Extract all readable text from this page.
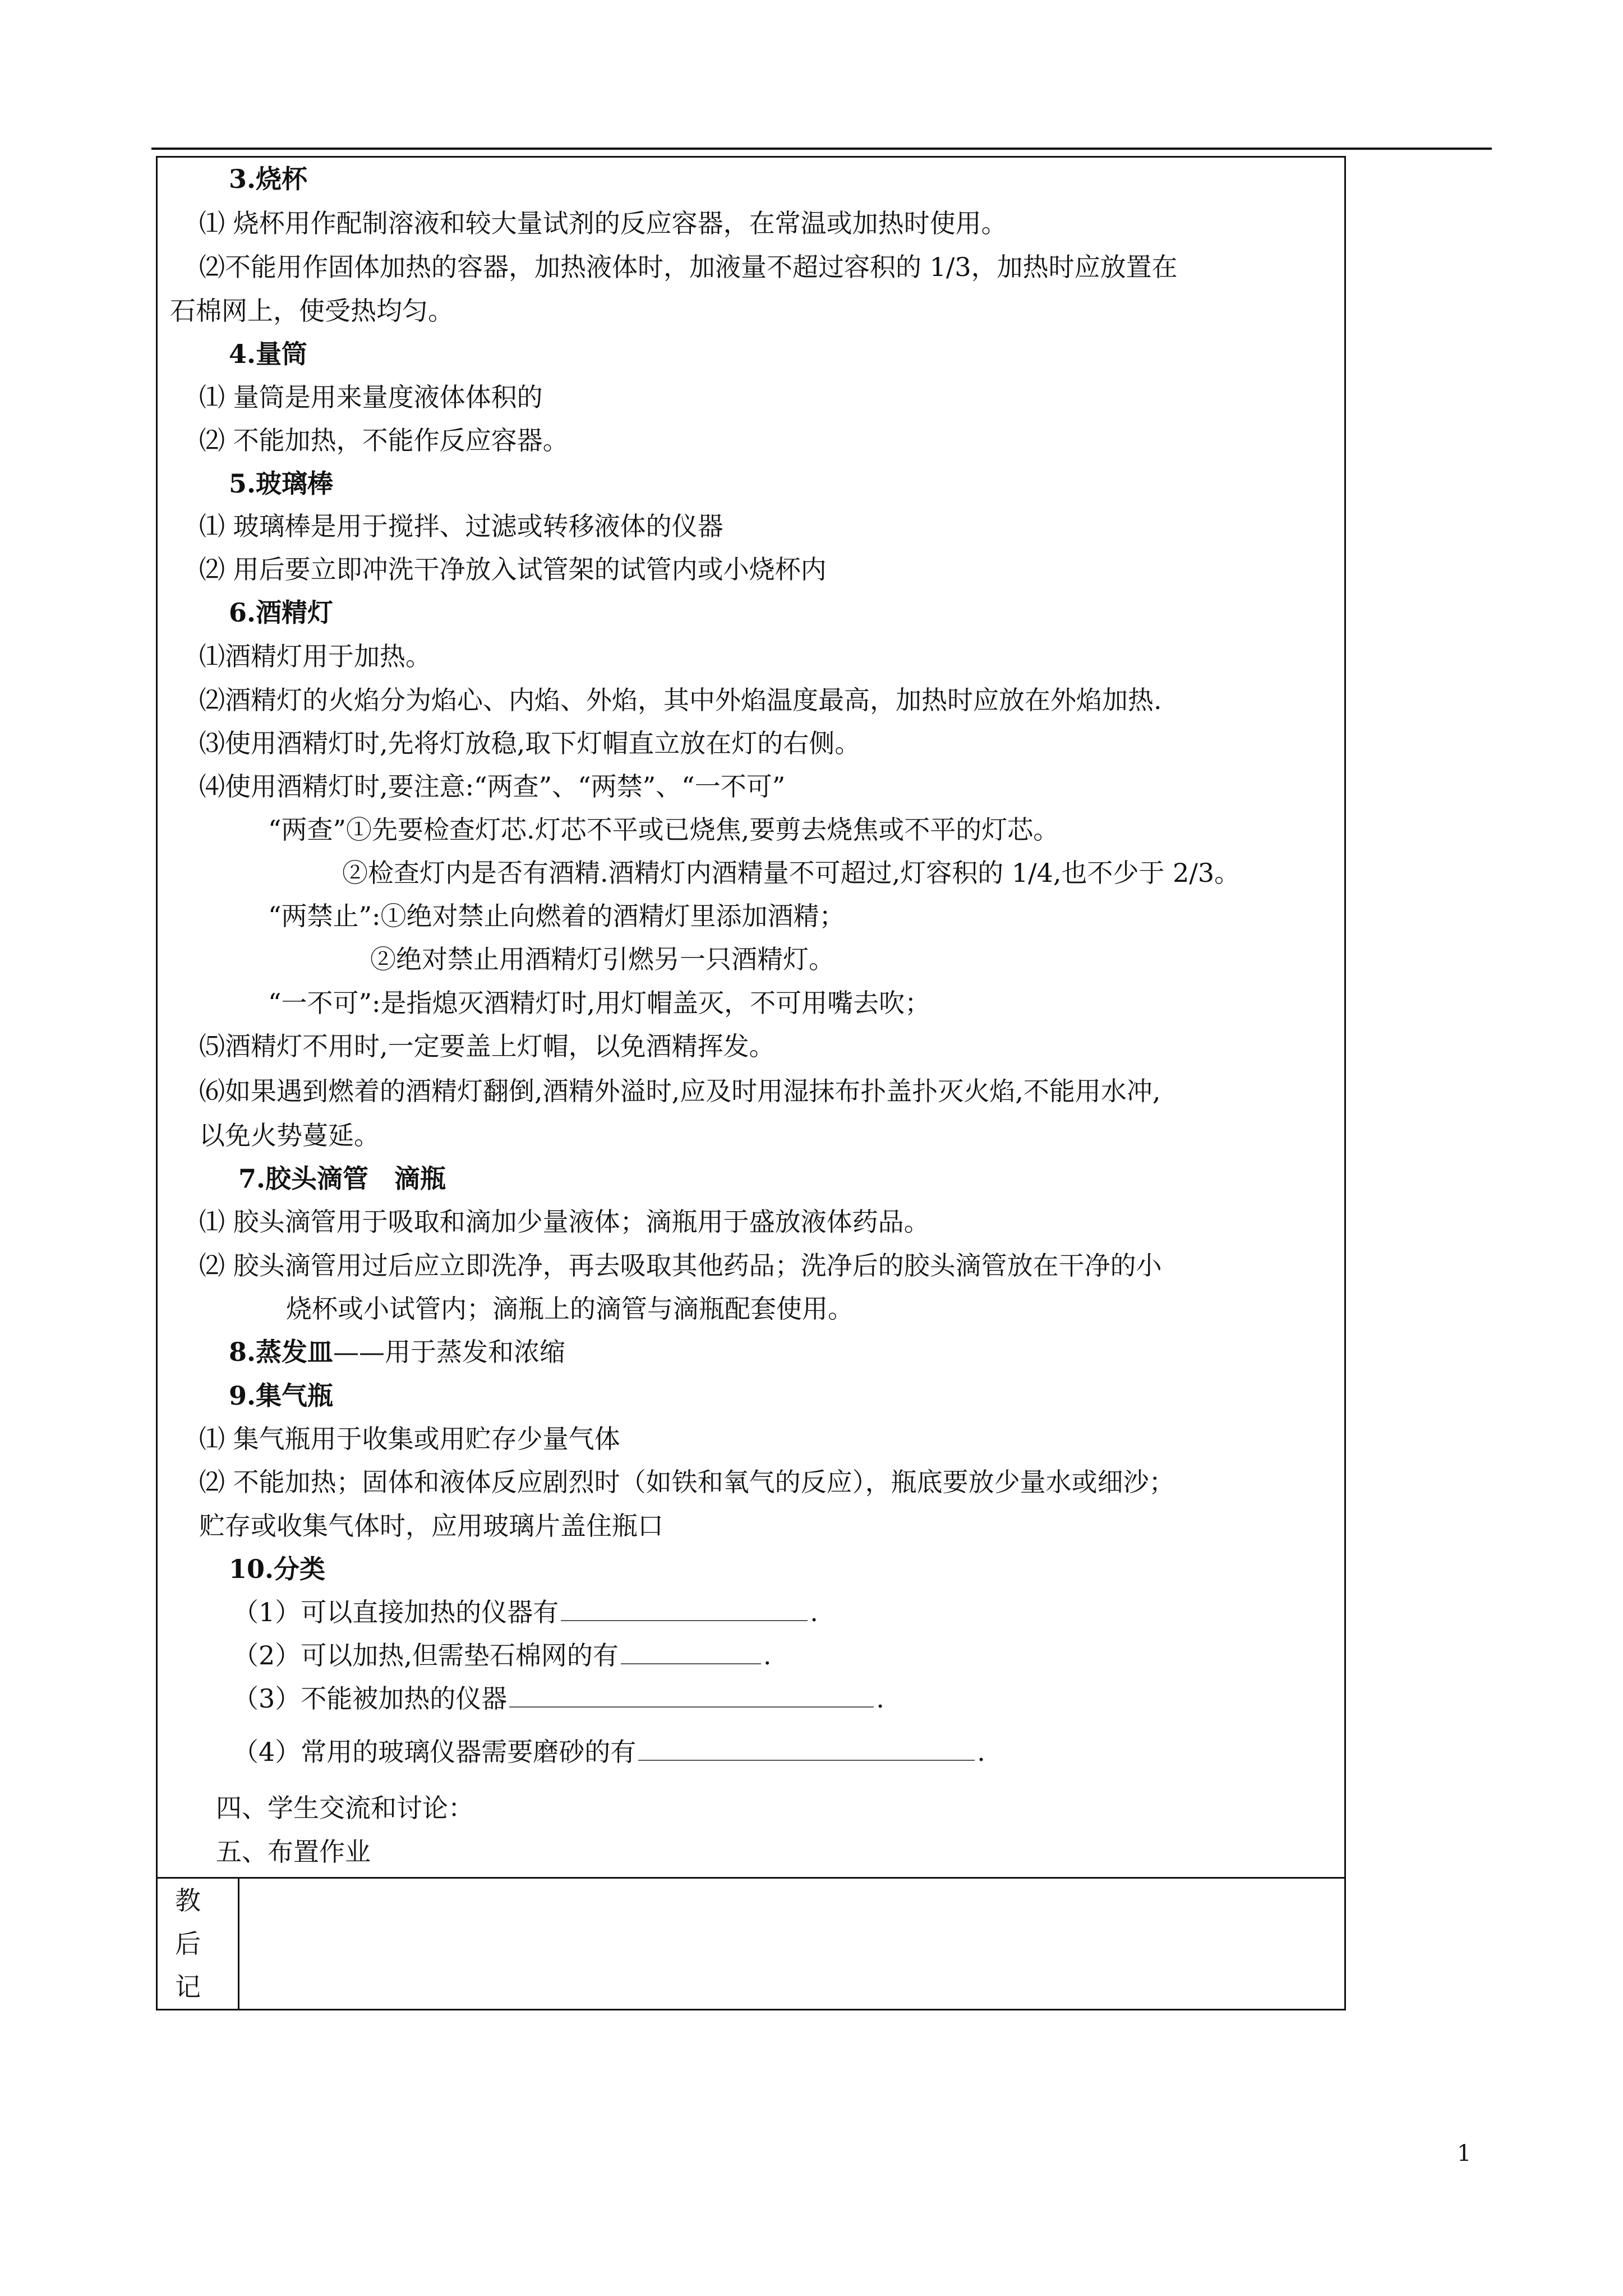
3.烧杯
⑴ 烧杯用作配制溶液和较大量试剂的反应容器，在常温或加热时使用。
⑵不能用作固体加热的容器，加热液体时，加液量不超过容积的 1/3，加热时应放置在
石棉网上，使受热均匀。
4.量筒
⑴ 量筒是用来量度液体体积的
⑵ 不能加热，不能作反应容器。
5.玻璃棒
⑴ 玻璃棒是用于搅拌、过滤或转移液体的仪器
⑵ 用后要立即冲洗干净放入试管架的试管内或小烧杯内
6.酒精灯
⑴酒精灯用于加热。
⑵酒精灯的火焰分为焰心、内焰、外焰，其中外焰温度最高，加热时应放在外焰加热.
⑶使用酒精灯时,先将灯放稳,取下灯帽直立放在灯的右侧。
⑷使用酒精灯时,要注意:“两查”、“两禁”、“一不可”
“两查”①先要检查灯芯.灯芯不平或已烧焦,要剪去烧焦或不平的灯芯。
②检查灯内是否有酒精.酒精灯内酒精量不可超过,灯容积的 1/4,也不少于 2/3。
“两禁止”:①绝对禁止向燃着的酒精灯里添加酒精；
②绝对禁止用酒精灯引燃另一只酒精灯。
“一不可”:是指熄灭酒精灯时,用灯帽盖灭，不可用嘴去吹；
⑸酒精灯不用时,一定要盖上灯帽，以免酒精挥发。
⑹如果遇到燃着的酒精灯翻倒,酒精外溢时,应及时用湿抹布扑盖扑灭火焰,不能用水冲,
以免火势蔓延。
7.胶头滴管　滴瓶
⑴ 胶头滴管用于吸取和滴加少量液体；滴瓶用于盛放液体药品。
⑵ 胶头滴管用过后应立即洗净，再去吸取其他药品；洗净后的胶头滴管放在干净的小
烧杯或小试管内；滴瓶上的滴管与滴瓶配套使用。
8.蒸发皿——用于蒸发和浓缩
9.集气瓶
⑴ 集气瓶用于收集或用贮存少量气体
⑵ 不能加热；固体和液体反应剧烈时（如铁和氧气的反应），瓶底要放少量水或细沙；
贮存或收集气体时，应用玻璃片盖住瓶口
10.分类
（1）可以直接加热的仪器有	.
（2）可以加热,但需垫石棉网的有	.
（3）不能被加热的仪器	.
（4）常用的玻璃仪器需要磨砂的有	.
四、学生交流和讨论：
五、布置作业
教
后
记
1
